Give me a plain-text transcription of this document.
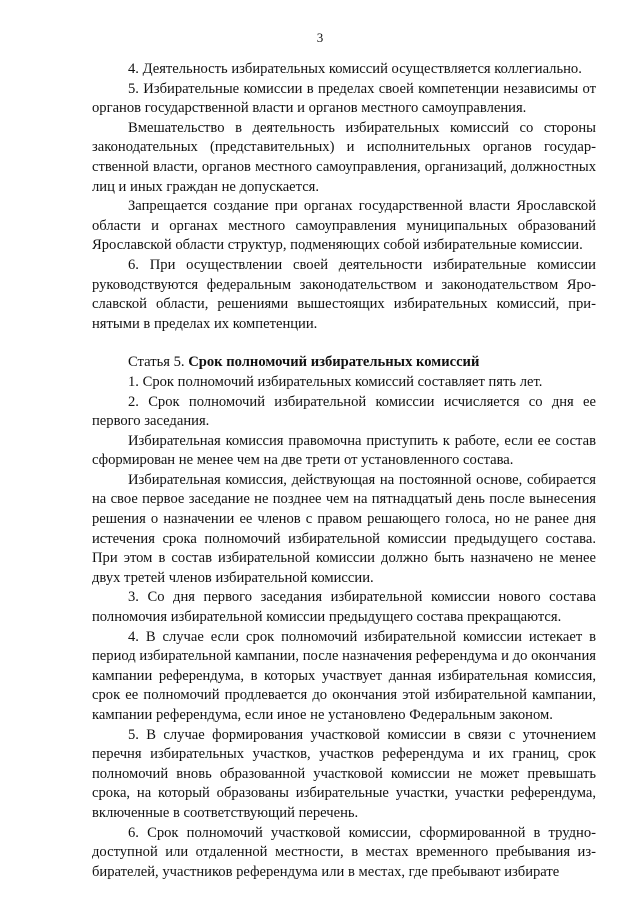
3

4. Деятельность избирательных комиссий осуществляется коллегиально.

5. Избирательные комиссии в пределах своей компетенции независимы от органов государственной власти и органов местного самоуправления.

Вмешательство в деятельность избирательных комиссий со стороны законодательных (представительных) и исполнительных органов государственной власти, органов местного самоуправления, организаций, должностных лиц и иных граждан не допускается.

Запрещается создание при органах государственной власти Ярославской области и органах местного самоуправления муниципальных образований Ярославской области структур, подменяющих собой избирательные комиссии.

6. При осуществлении своей деятельности избирательные комиссии руководствуются федеральным законодательством и законодательством Ярославской области, решениями вышестоящих избирательных комиссий, принятыми в пределах их компетенции.

Статья 5. Срок полномочий избирательных комиссий

1. Срок полномочий избирательных комиссий составляет пять лет.

2. Срок полномочий избирательной комиссии исчисляется со дня ее первого заседания.

Избирательная комиссия правомочна приступить к работе, если ее состав сформирован не менее чем на две трети от установленного состава.

Избирательная комиссия, действующая на постоянной основе, собирается на свое первое заседание не позднее чем на пятнадцатый день после вынесения решения о назначении ее членов с правом решающего голоса, но не ранее дня истечения срока полномочий избирательной комиссии предыдущего состава. При этом в состав избирательной комиссии должно быть назначено не менее двух третей членов избирательной комиссии.

3. Со дня первого заседания избирательной комиссии нового состава полномочия избирательной комиссии предыдущего состава прекращаются.

4. В случае если срок полномочий избирательной комиссии истекает в период избирательной кампании, после назначения референдума и до окончания кампании референдума, в которых участвует данная избирательная комиссия, срок ее полномочий продлевается до окончания этой избирательной кампании, кампании референдума, если иное не установлено Федеральным законом.

5. В случае формирования участковой комиссии в связи с уточнением перечня избирательных участков, участков референдума и их границ, срок полномочий вновь образованной участковой комиссии не может превышать срока, на который образованы избирательные участки, участки референдума, включенные в соответствующий перечень.

6. Срок полномочий участковой комиссии, сформированной в труднодоступной или отдаленной местности, в местах временного пребывания избирателей, участников референдума или в местах, где пребывают избирате
